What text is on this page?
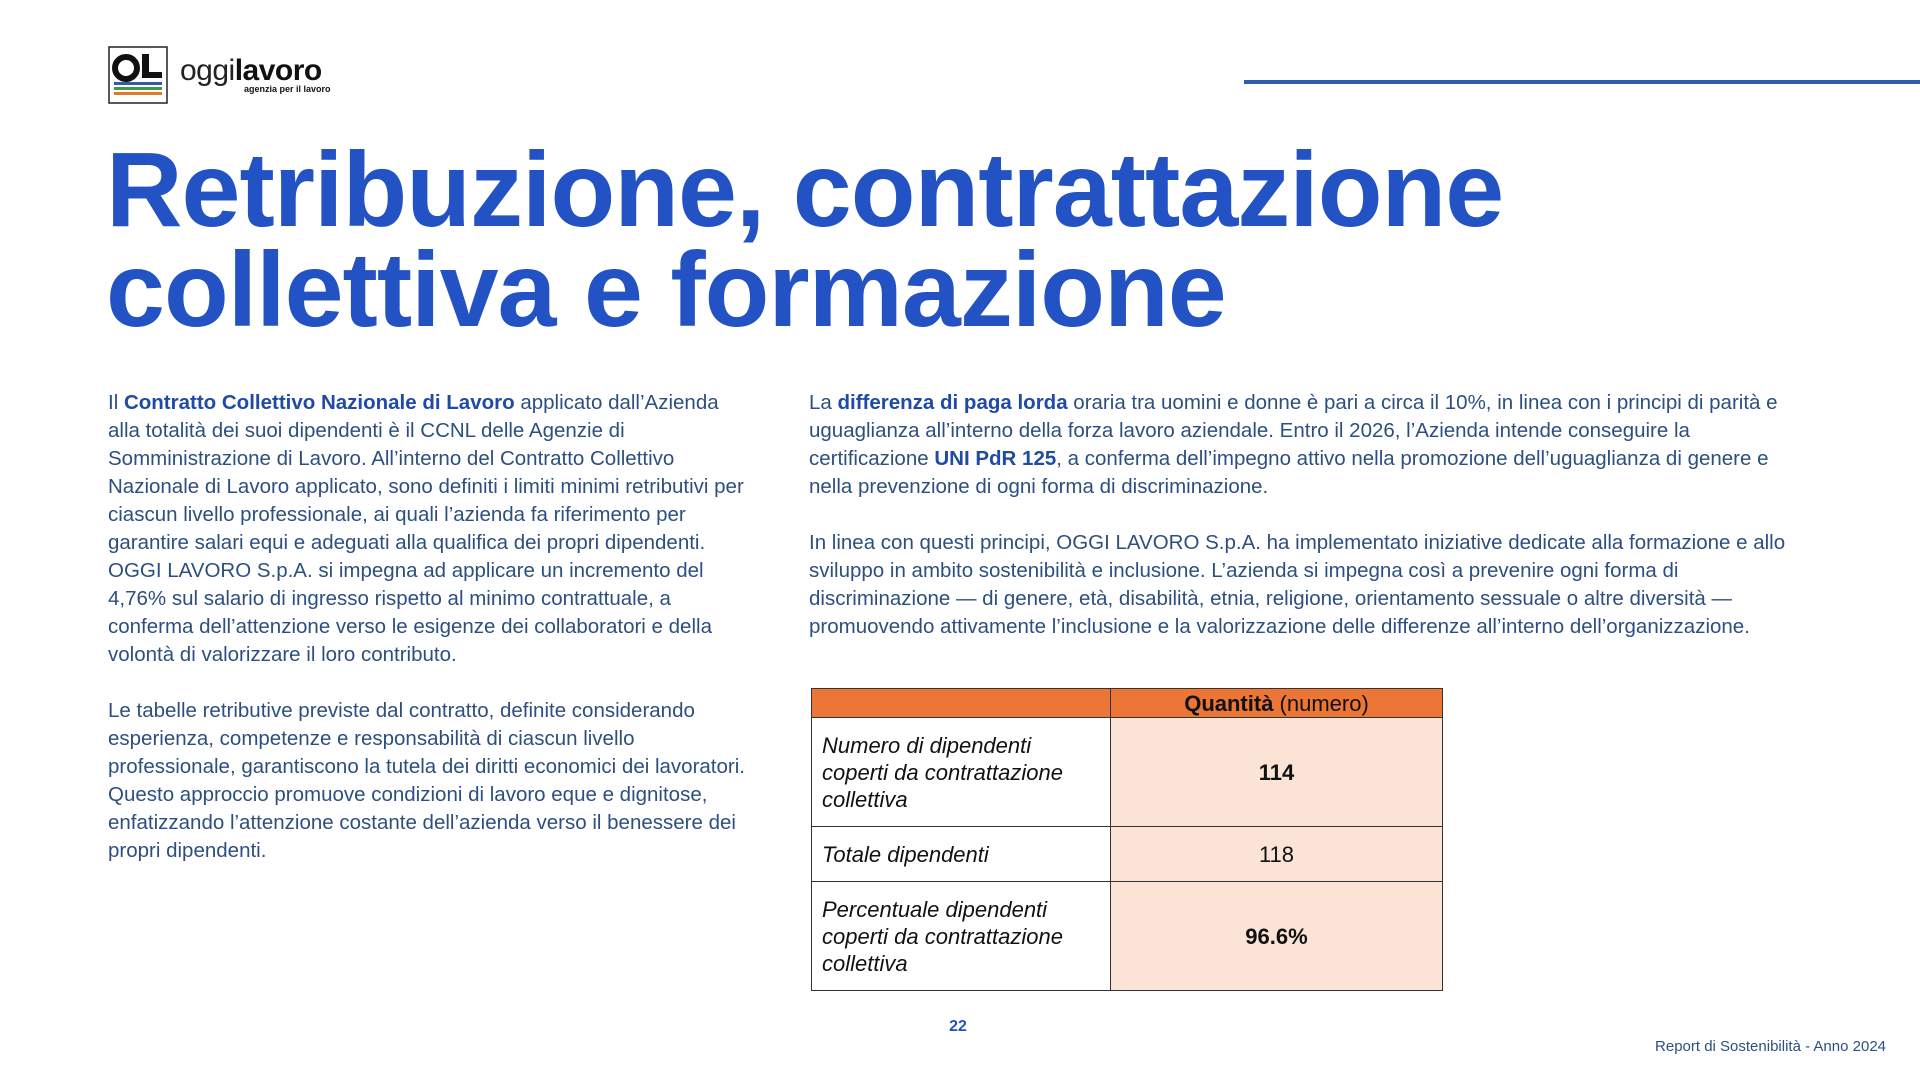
oggilavoro
agenzia per il lavoro
Retribuzione, contrattazione collettiva e formazione

Il Contratto Collettivo Nazionale di Lavoro applicato dall’Azienda alla totalità dei suoi dipendenti è il CCNL delle Agenzie di Somministrazione di Lavoro. All’interno del Contratto Collettivo Nazionale di Lavoro applicato, sono definiti i limiti minimi retributivi per ciascun livello professionale, ai quali l’azienda fa riferimento per garantire salari equi e adeguati alla qualifica dei propri dipendenti. OGGI LAVORO S.p.A. si impegna ad applicare un incremento del 4,76% sul salario di ingresso rispetto al minimo contrattuale, a conferma dell’attenzione verso le esigenze dei collaboratori e della volontà di valorizzare il loro contributo.

Le tabelle retributive previste dal contratto, definite considerando esperienza, competenze e responsabilità di ciascun livello professionale, garantiscono la tutela dei diritti economici dei lavoratori. Questo approccio promuove condizioni di lavoro eque e dignitose, enfatizzando l’attenzione costante dell’azienda verso il benessere dei propri dipendenti.

La differenza di paga lorda oraria tra uomini e donne è pari a circa il 10%, in linea con i principi di parità e uguaglianza all’interno della forza lavoro aziendale. Entro il 2026, l’Azienda intende conseguire la certificazione UNI PdR 125, a conferma dell’impegno attivo nella promozione dell’uguaglianza di genere e nella prevenzione di ogni forma di discriminazione.

In linea con questi principi, OGGI LAVORO S.p.A. ha implementato iniziative dedicate alla formazione e allo sviluppo in ambito sostenibilità e inclusione. L’azienda si impegna così a prevenire ogni forma di discriminazione — di genere, età, disabilità, etnia, religione, orientamento sessuale o altre diversità — promuovendo attivamente l’inclusione e la valorizzazione delle differenze all’interno dell’organizzazione.

	Quantità (numero)
Numero di dipendenti coperti da contrattazione collettiva	114
Totale dipendenti	118
Percentuale dipendenti coperti da contrattazione collettiva	96.6%
22
Report di Sostenibilità - Anno 2024
